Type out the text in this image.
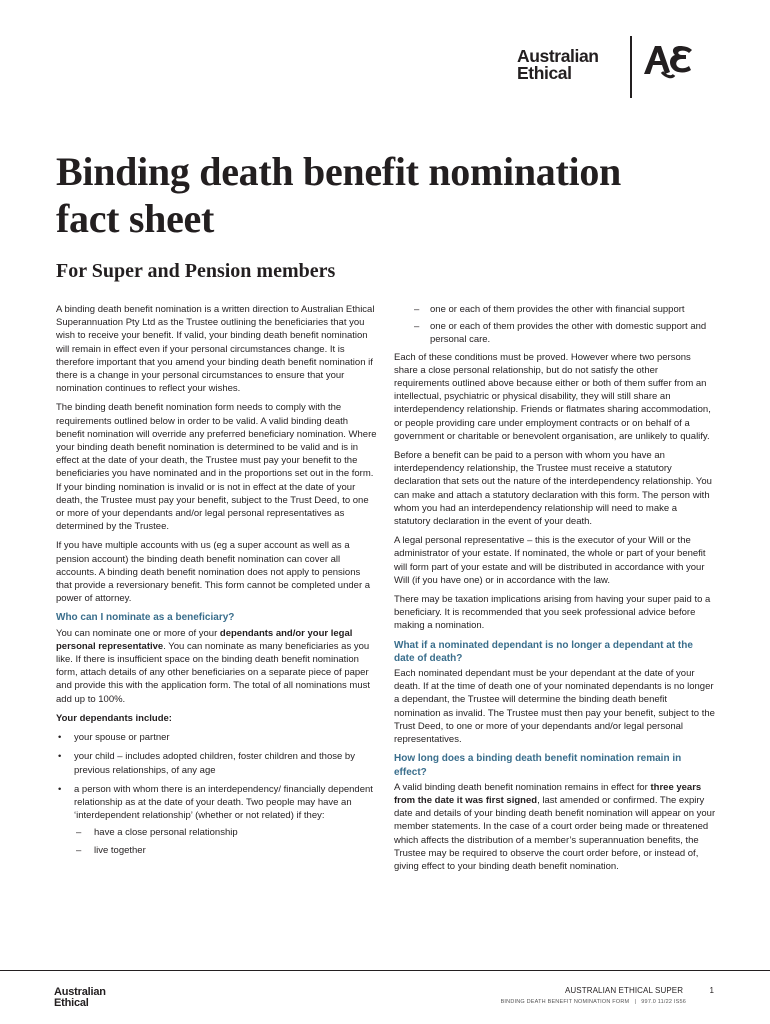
Australian
Ethical
Binding death benefit nomination
fact sheet
For Super and Pension members

A binding death benefit nomination is a written direction to Australian Ethical Superannuation Pty Ltd as the Trustee outlining the beneficiaries that you wish to receive your benefit. If valid, your binding death benefit nomination will remain in effect even if your personal circumstances change. It is therefore important that you amend your binding death benefit nomination if there is a change in your personal circumstances to ensure that your nomination continues to reflect your wishes.

The binding death benefit nomination form needs to comply with the requirements outlined below in order to be valid. A valid binding death benefit nomination will override any preferred beneficiary nomination. Where your binding death benefit nomination is determined to be valid and is in effect at the date of your death, the Trustee must pay your benefit to the beneficiaries you have nominated and in the proportions set out in the form. If your binding nomination is invalid or is not in effect at the date of your death, the Trustee must pay your benefit, subject to the Trust Deed, to one or more of your dependants and/or legal personal representatives as determined by the Trustee.

If you have multiple accounts with us (eg a super account as well as a pension account) the binding death benefit nomination can cover all accounts. A binding death benefit nomination does not apply to pensions that provide a reversionary benefit. This form cannot be completed under a power of attorney.

Who can I nominate as a beneficiary?

You can nominate one or more of your dependants and/or your legal personal representative. You can nominate as many beneficiaries as you like. If there is insufficient space on the binding death benefit nomination form, attach details of any other beneficiaries on a separate piece of paper and provide this with the application form. The total of all nominations must add up to 100%.

Your dependants include:

• your spouse or partner
• your child – includes adopted children, foster children and those by previous relationships, of any age
• a person with whom there is an interdependency/ financially dependent relationship as at the date of your death. Two people may have an ‘interdependent relationship’ (whether or not related) if they:
– have a close personal relationship
– live together
– one or each of them provides the other with financial support
– one or each of them provides the other with domestic support and personal care.

Each of these conditions must be proved. However where two persons share a close personal relationship, but do not satisfy the other requirements outlined above because either or both of them suffer from an intellectual, psychiatric or physical disability, they will still share an interdependency relationship. Friends or flatmates sharing accommodation, or people providing care under employment contracts or on behalf of a government or charitable or benevolent organisation, are unlikely to qualify.

Before a benefit can be paid to a person with whom you have an interdependency relationship, the Trustee must receive a statutory declaration that sets out the nature of the interdependency relationship. You can make and attach a statutory declaration with this form. The person with whom you had an interdependency relationship will need to make a statutory declaration in the event of your death.

A legal personal representative – this is the executor of your Will or the administrator of your estate. If nominated, the whole or part of your benefit will form part of your estate and will be distributed in accordance with your Will (if you have one) or in accordance with the law.

There may be taxation implications arising from having your super paid to a beneficiary. It is recommended that you seek professional advice before making a nomination.

What if a nominated dependant is no longer a dependant at the date of death?

Each nominated dependant must be your dependant at the date of your death. If at the time of death one of your nominated dependants is no longer a dependant, the Trustee will determine the binding death benefit nomination as invalid. The Trustee must then pay your benefit, subject to the Trust Deed, to one or more of your dependants and/or legal personal representatives.

How long does a binding death benefit nomination remain in effect?

A valid binding death benefit nomination remains in effect for three years from the date it was first signed, last amended or confirmed. The expiry date and details of your binding death benefit nomination will appear on your member statements. In the case of a court order being made or threatened which affects the distribution of a member’s superannuation benefits, the Trustee may be required to observe the court order before, or instead of, giving effect to your binding death benefit nomination.

Australian
Ethical
AUSTRALIAN ETHICAL SUPER	1
BINDING DEATH BENEFIT NOMINATION FORM | 997.0 11/22 IS56
